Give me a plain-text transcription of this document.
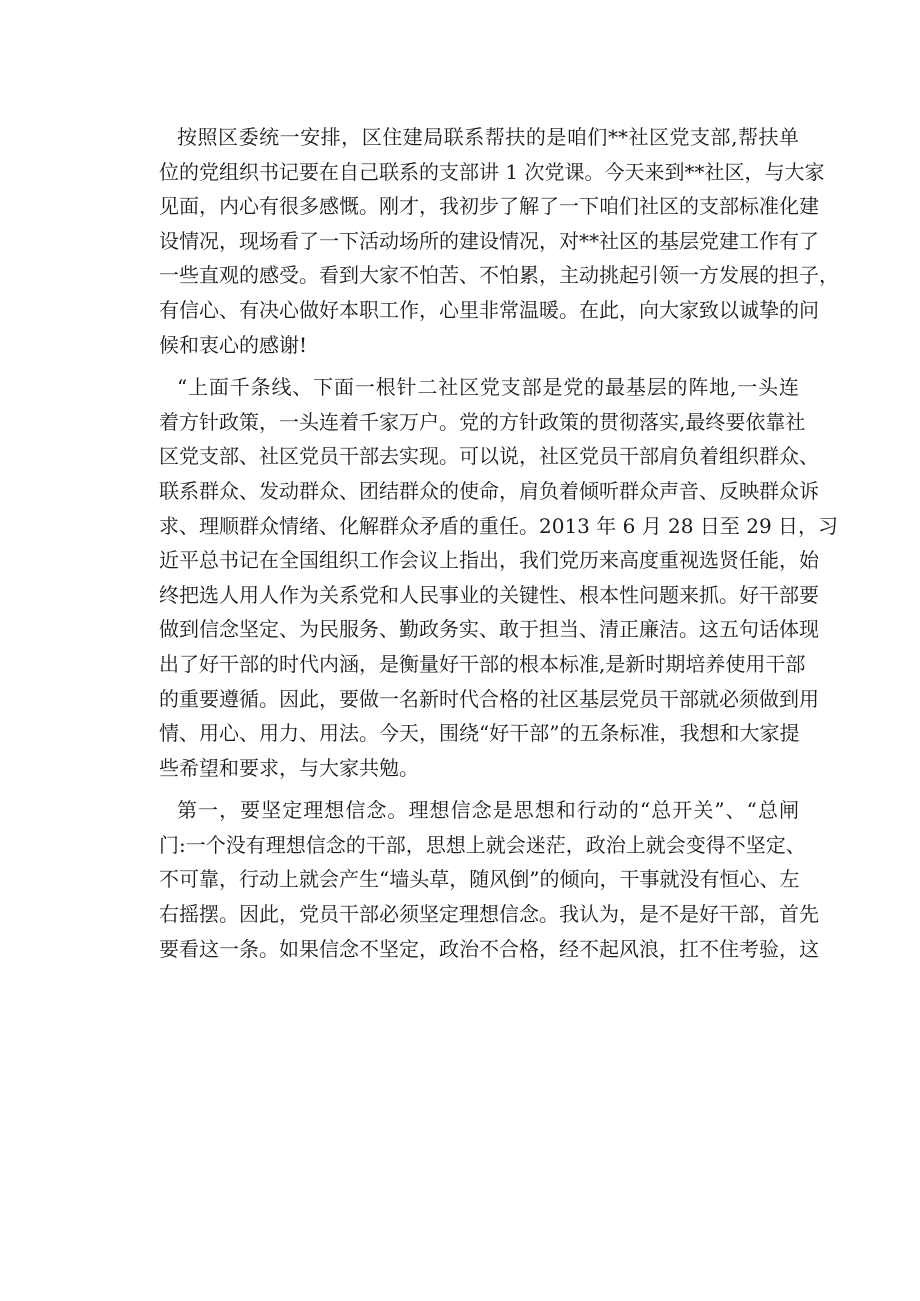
按照区委统一安排，区住建局联系帮扶的是咱们**社区党支部,帮扶单
位的党组织书记要在自己联系的支部讲 1 次党课。今天来到**社区，与大家
见面，内心有很多感慨。刚才，我初步了解了一下咱们社区的支部标准化建
设情况，现场看了一下活动场所的建设情况，对**社区的基层党建工作有了
一些直观的感受。看到大家不怕苦、不怕累，主动挑起引领一方发展的担子，
有信心、有决心做好本职工作，心里非常温暖。在此，向大家致以诚挚的问
候和衷心的感谢!
“上面千条线、下面一根针二社区党支部是党的最基层的阵地,一头连
着方针政策，一头连着千家万户。党的方针政策的贯彻落实,最终要依靠社
区党支部、社区党员干部去实现。可以说，社区党员干部肩负着组织群众、
联系群众、发动群众、团结群众的使命，肩负着倾听群众声音、反映群众诉
求、理顺群众情绪、化解群众矛盾的重任。2013 年 6 月 28 日至 29 日，习
近平总书记在全国组织工作会议上指出，我们党历来高度重视选贤任能，始
终把选人用人作为关系党和人民事业的关键性、根本性问题来抓。好干部要
做到信念坚定、为民服务、勤政务实、敢于担当、清正廉洁。这五句话体现
出了好干部的时代内涵，是衡量好干部的根本标准,是新时期培养使用干部
的重要遵循。因此，要做一名新时代合格的社区基层党员干部就必须做到用
情、用心、用力、用法。今天，围绕“好干部”的五条标准，我想和大家提
些希望和要求，与大家共勉。
第一，要坚定理想信念。理想信念是思想和行动的“总开关”、“总闸
门:一个没有理想信念的干部，思想上就会迷茫，政治上就会变得不坚定、
不可靠，行动上就会产生“墙头草，随风倒”的倾向，干事就没有恒心、左
右摇摆。因此，党员干部必须坚定理想信念。我认为，是不是好干部，首先
要看这一条。如果信念不坚定，政治不合格，经不起风浪，扛不住考验，这
